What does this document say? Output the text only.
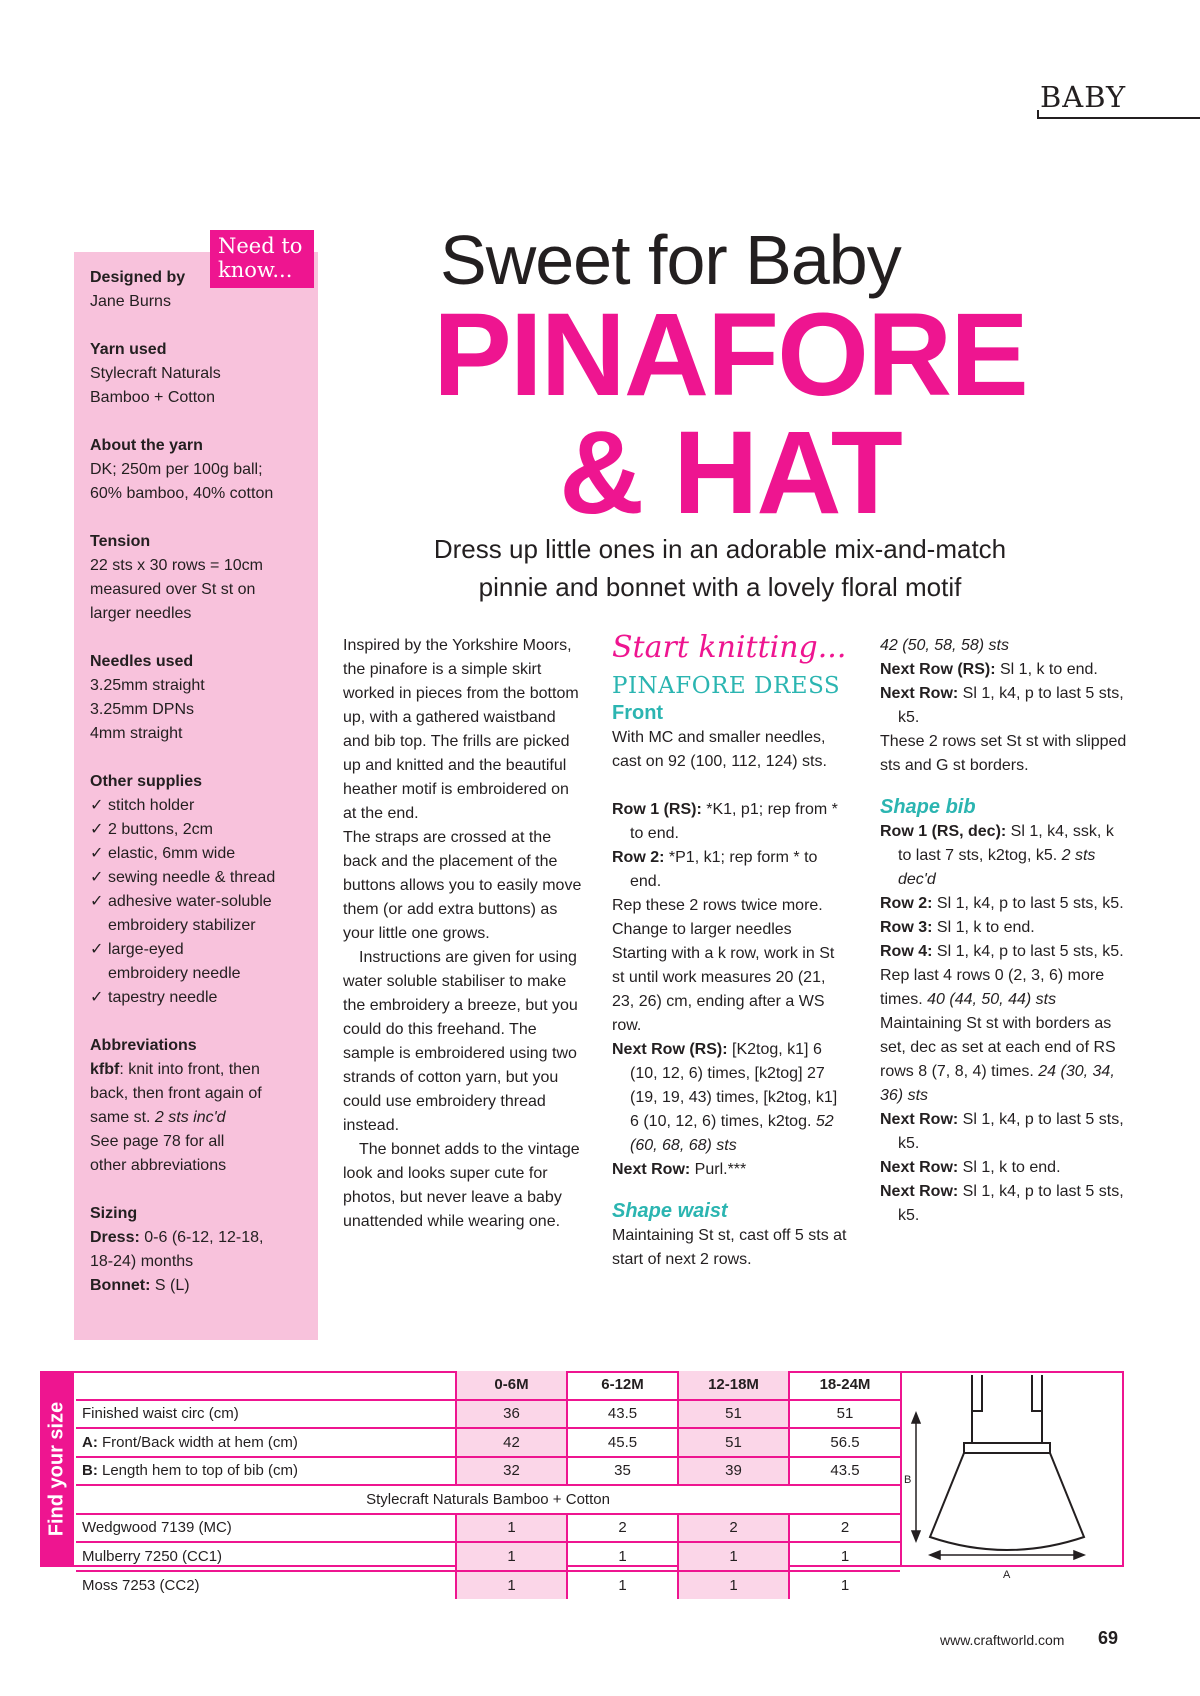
BABY
Designed by
Jane Burns
Yarn used
Stylecraft Naturals
Bamboo + Cotton
About the yarn
DK; 250m per 100g ball;
60% bamboo, 40% cotton
Tension
22 sts x 30 rows = 10cm
measured over St st on
larger needles
Needles used
3.25mm straight
3.25mm DPNs
4mm straight
Other supplies
✓ stitch holder
✓ 2 buttons, 2cm
✓ elastic, 6mm wide
✓ sewing needle & thread
✓ adhesive water-soluble
embroidery stabilizer
✓ large-eyed
embroidery needle
✓ tapestry needle
Abbreviations
kfbf: knit into front, then
back, then front again of
same st. 2 sts inc'd
See page 78 for all
other abbreviations
Sizing
Dress: 0-6 (6-12, 12-18,
18-24) months
Bonnet: S (L)
Need to
know... Sweet for Baby
PINAFORE
& HAT
Dress up little ones in an adorable mix-and-match
pinnie and bonnet with a lovely floral motif

Inspired by the Yorkshire Moors, the pinafore is a simple skirt worked in pieces from the bottom up, with a gathered waistband and bib top. The frills are picked up and knitted and the beautiful heather motif is embroidered on at the end.

The straps are crossed at the back and the placement of the buttons allows you to easily move them (or add extra buttons) as your little one grows.

Instructions are given for using water soluble stabiliser to make the embroidery a breeze, but you could do this freehand. The sample is embroidered using two strands of cotton yarn, but you could use embroidery thread instead.

The bonnet adds to the vintage look and looks super cute for photos, but never leave a baby unattended while wearing one.

Start knitting...
PINAFORE DRESS
Front

With MC and smaller needles, cast on 92 (100, 112, 124) sts.

Row 1 (RS): *K1, p1; rep from * to end.

Row 2: *P1, k1; rep form * to end.

Rep these 2 rows twice more.

Change to larger needles

Starting with a k row, work in St st until work measures 20 (21, 23, 26) cm, ending after a WS row.

Next Row (RS): [K2tog, k1] 6 (10, 12, 6) times, [k2tog] 27 (19, 19, 43) times, [k2tog, k1] 6 (10, 12, 6) times, k2tog. 52 (60, 68, 68) sts

Next Row: Purl.***

Shape waist

Maintaining St st, cast off 5 sts at start of next 2 rows.

42 (50, 58, 58) sts

Next Row (RS): Sl 1, k to end.

Next Row: Sl 1, k4, p to last 5 sts, k5.

These 2 rows set St st with slipped sts and G st borders.

Shape bib

Row 1 (RS, dec): Sl 1, k4, ssk, k to last 7 sts, k2tog, k5. 2 sts dec'd

Row 2: Sl 1, k4, p to last 5 sts, k5.

Row 3: Sl 1, k to end.

Row 4: Sl 1, k4, p to last 5 sts, k5.

Rep last 4 rows 0 (2, 3, 6) more times. 40 (44, 50, 44) sts

Maintaining St st with borders as set, dec as set at each end of RS rows 8 (7, 8, 4) times. 24 (30, 34, 36) sts

Next Row: Sl 1, k4, p to last 5 sts, k5.

Next Row: Sl 1, k to end.

Next Row: Sl 1, k4, p to last 5 sts, k5.

Find your size
	0-6M	6-12M	12-18M	18-24M
Finished waist circ (cm)	36	43.5	51	51
A: Front/Back width at hem (cm)	42	45.5	51	56.5
B: Length hem to top of bib (cm)	32	35	39	43.5
Stylecraft Naturals Bamboo + Cotton				
Wedgwood 7139 (MC)	1	2	2	2
Mulberry 7250 (CC1)	1	1	1	1
Moss 7253 (CC2)	1	1	1	1
B
A
www.craftworld.com 69
